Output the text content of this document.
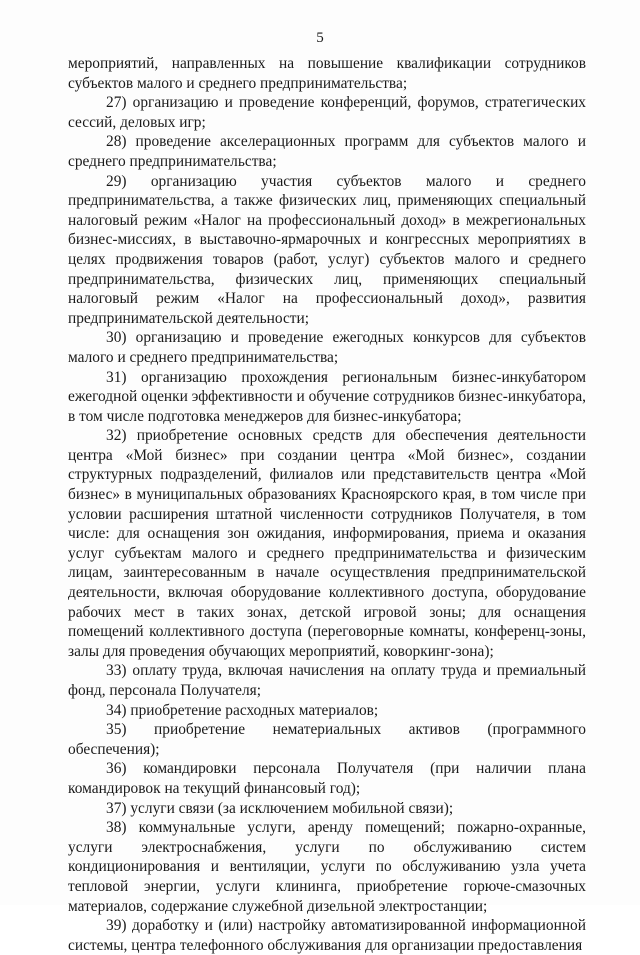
5

мероприятий, направленных на повышение квалификации сотрудников субъектов малого и среднего предпринимательства;

27) организацию и проведение конференций, форумов, стратегических сессий, деловых игр;

28) проведение акселерационных программ для субъектов малого и среднего предпринимательства;

29) организацию участия субъектов малого и среднего предпринимательства, а также физических лиц, применяющих специальный налоговый режим «Налог на профессиональный доход» в межрегиональных бизнес-миссиях, в выставочно-ярмарочных и конгрессных мероприятиях в целях продвижения товаров (работ, услуг) субъектов малого и среднего предпринимательства, физических лиц, применяющих специальный налоговый режим «Налог на профессиональный доход», развития предпринимательской деятельности;

30) организацию и проведение ежегодных конкурсов для субъектов малого и среднего предпринимательства;

31) организацию прохождения региональным бизнес-инкубатором ежегодной оценки эффективности и обучение сотрудников бизнес-инкубатора, в том числе подготовка менеджеров для бизнес-инкубатора;

32) приобретение основных средств для обеспечения деятельности центра «Мой бизнес» при создании центра «Мой бизнес», создании структурных подразделений, филиалов или представительств центра «Мой бизнес» в муниципальных образованиях Красноярского края, в том числе при условии расширения штатной численности сотрудников Получателя, в том числе: для оснащения зон ожидания, информирования, приема и оказания услуг субъектам малого и среднего предпринимательства и физическим лицам, заинтересованным в начале осуществления предпринимательской деятельности, включая оборудование коллективного доступа, оборудование рабочих мест в таких зонах, детской игровой зоны; для оснащения помещений коллективного доступа (переговорные комнаты, конференц-зоны, залы для проведения обучающих мероприятий, коворкинг-зона);

33) оплату труда, включая начисления на оплату труда и премиальный фонд, персонала Получателя;

34) приобретение расходных материалов;

35) приобретение нематериальных активов (программного обеспечения);

36) командировки персонала Получателя (при наличии плана командировок на текущий финансовый год);

37) услуги связи (за исключением мобильной связи);

38) коммунальные услуги, аренду помещений; пожарно-охранные, услуги электроснабжения, услуги по обслуживанию систем кондиционирования и вентиляции, услуги по обслуживанию узла учета тепловой энергии, услуги клининга, приобретение горюче-смазочных материалов, содержание служебной дизельной электростанции;

39) доработку и (или) настройку автоматизированной информационной системы, центра телефонного обслуживания для организации предоставления
